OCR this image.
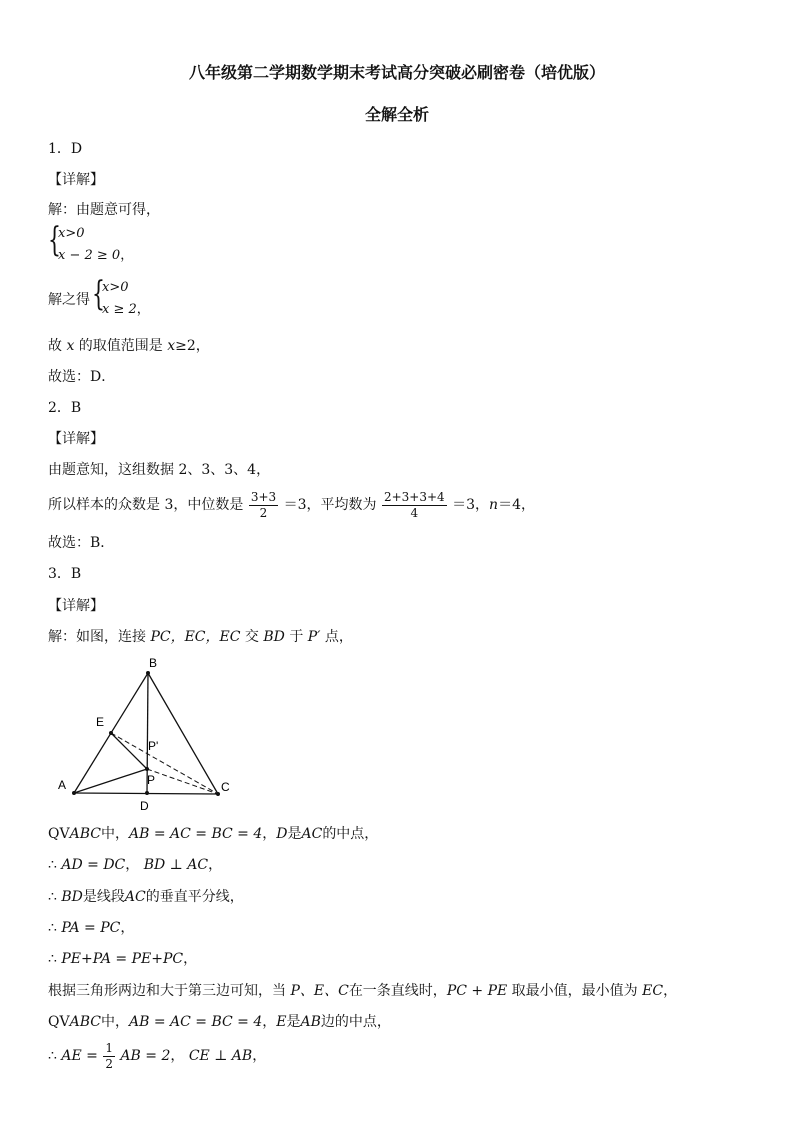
八年级第二学期数学期末考试高分突破必刷密卷（培优版）
全解全析
1．D
【详解】
解：由题意可得，
{
x>0
x − 2 ≥ 0，
解之得 {
x>0
x ≥ 2，
故 x 的取值范围是 x≥2，
故选：D．
2．B
【详解】
由题意知，这组数据 2、3、3、4，
所以样本的众数是 3，中位数是 $\frac{3+3}{2} =3$，平均数为 $\frac{2+3+3+4}{4} =3$，n＝4，
故选：B．
3．B
【详解】
解：如图，连接 PC，EC，EC 交 BD 于 P′ 点，
B
E
P'
P
A	C
D
QVABC中，AB = AC = BC = 4，D是AC的中点，
∴ AD = DC， BD ⊥ AC，
∴ BD是线段AC的垂直平分线，
∴ PA = PC，
∴ PE+PA = PE+PC，
根据三角形两边和大于第三边可知，当 P、E、C在一条直线时，PC + PE 取最小值，最小值为 EC，
QVABC中，AB = AC = BC = 4，E是AB边的中点，
∴ AE = $\frac{1}{2}$ AB = 2， CE ⊥ AB，
